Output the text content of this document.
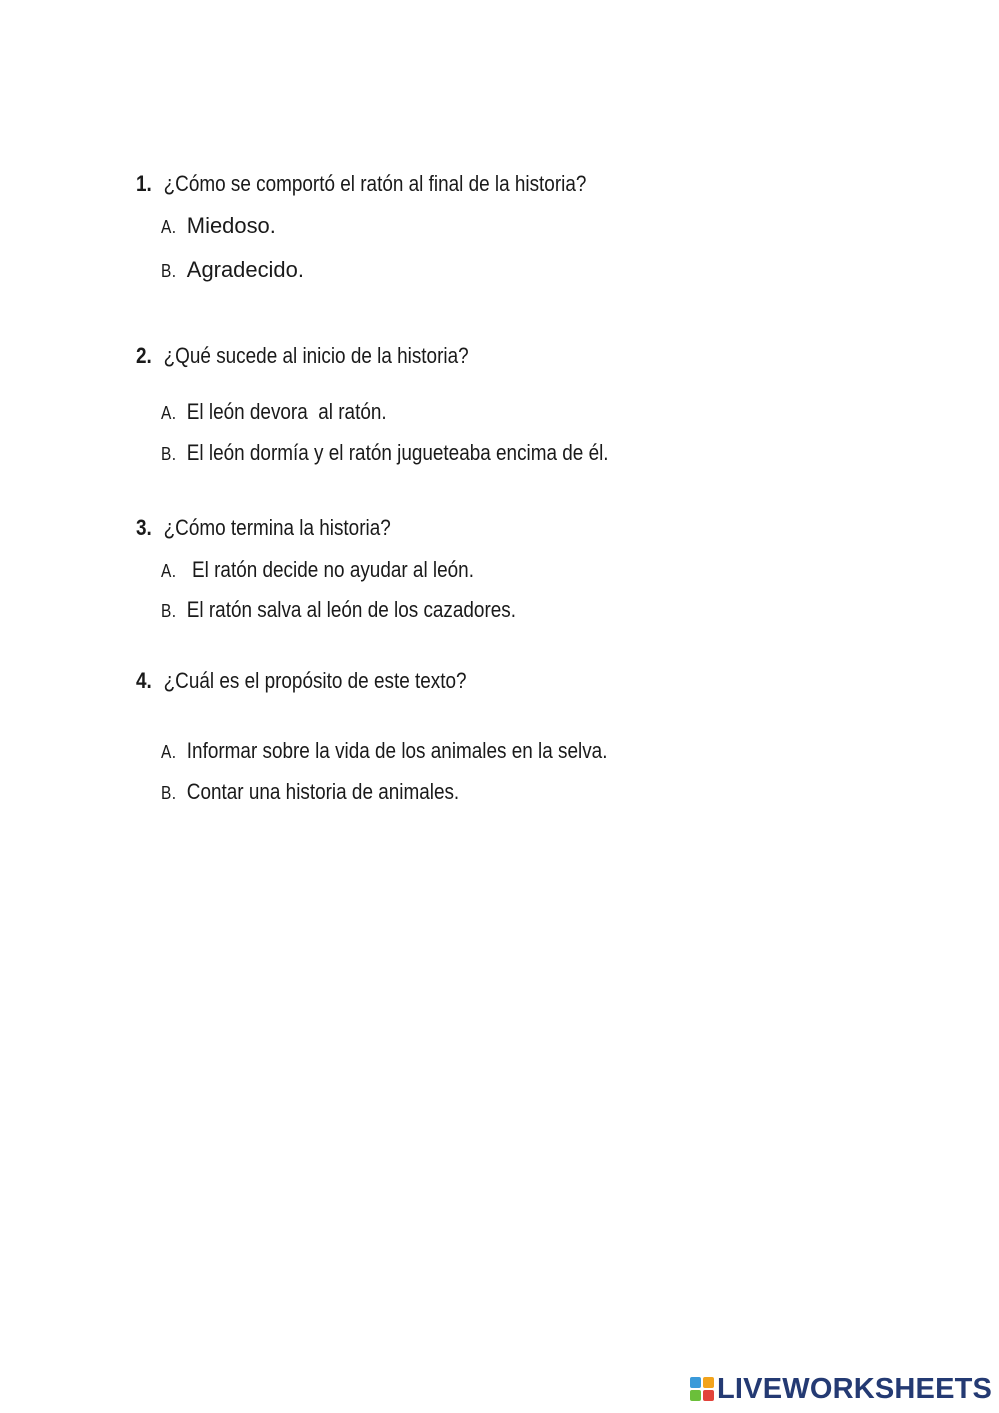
1. ¿Cómo se comportó el ratón al final de la historia?
A. Miedoso.
B. Agradecido.
2. ¿Qué sucede al inicio de la historia?
A. El león devora  al ratón.
B. El león dormía y el ratón jugueteaba encima de él.
3. ¿Cómo termina la historia?
A. El ratón decide no ayudar al león.
B. El ratón salva al león de los cazadores.
4. ¿Cuál es el propósito de este texto?
A. Informar sobre la vida de los animales en la selva.
B. Contar una historia de animales.
LIVEWORKSHEETS
